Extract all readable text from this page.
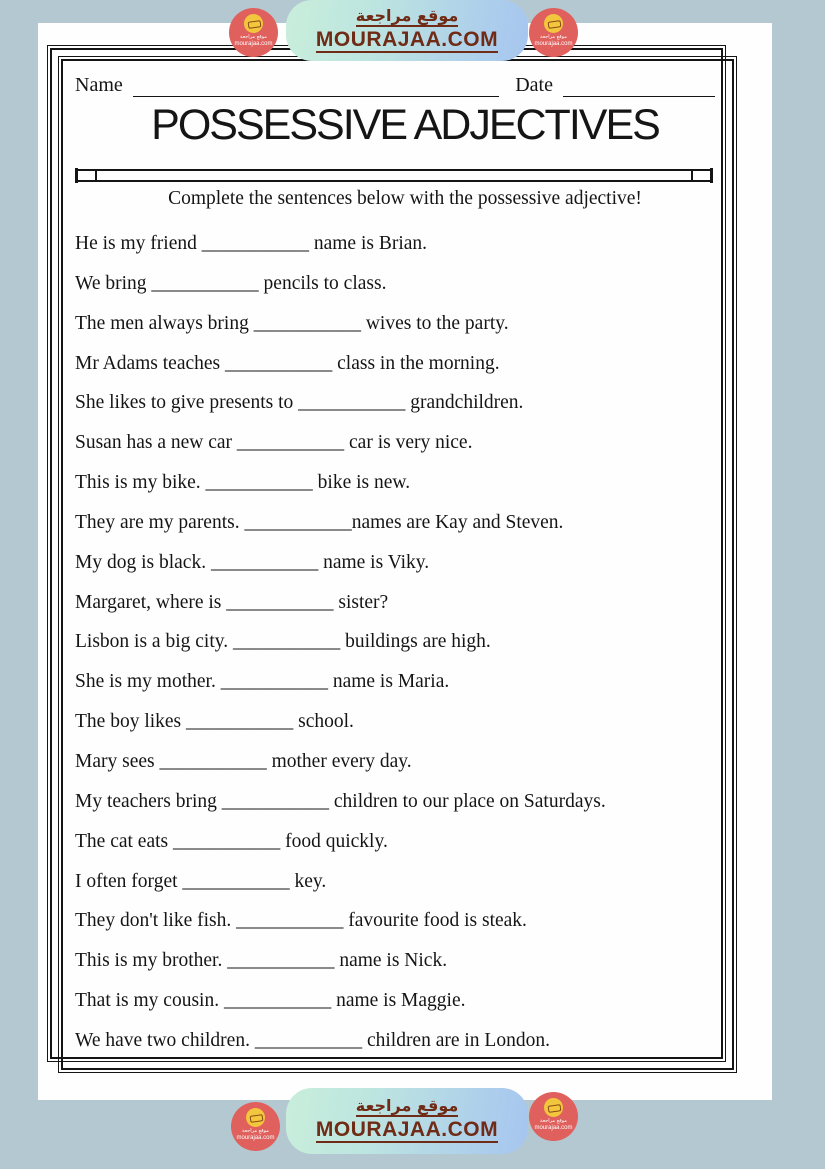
Name	Date
POSSESSIVE ADJECTIVES
Complete the sentences below with the possessive adjective!

He is my friend ___________ name is Brian.

We bring ___________ pencils to class.

The men always bring ___________ wives to the party.

Mr Adams teaches ___________ class in the morning.

She likes to give presents to ___________ grandchildren.

Susan has a new car ___________ car is very nice.

This is my bike. ___________ bike is new.

They are my parents. ___________names are Kay and Steven.

My dog is black. ___________ name is Viky.

Margaret, where is ___________ sister?

Lisbon is a big city. ___________ buildings are high.

She is my mother. ___________ name is Maria.

The boy likes ___________ school.

Mary sees ___________ mother every day.

My teachers bring ___________ children to our place on Saturdays.

The cat eats ___________ food quickly.

I often forget ___________ key.

They don't like fish. ___________ favourite food is steak.

This is my brother. ___________ name is Nick.

That is my cousin. ___________ name is Maggie.

We have two children. ___________ children are in London.

موقع مراجعة
MOURAJAA.COM
موقع مراجعة
mourajaa.com
موقع مراجعة
mourajaa.com
موقع مراجعة
MOURAJAA.COM
موقع مراجعة
mourajaa.com
موقع مراجعة
mourajaa.com
